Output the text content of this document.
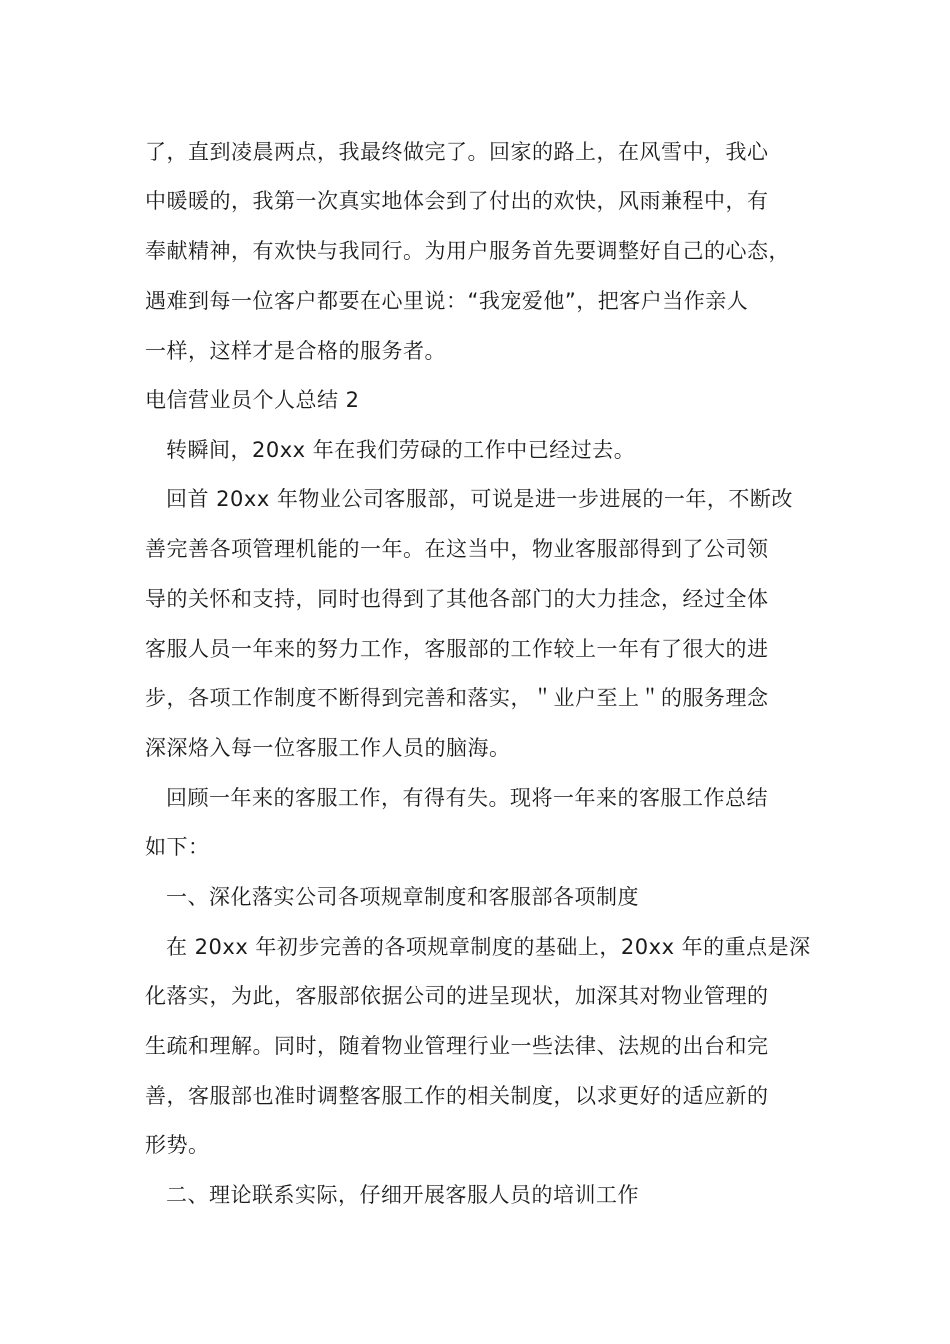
了，直到凌晨两点，我最终做完了。回家的路上，在风雪中，我心
中暖暖的，我第一次真实地体会到了付出的欢快，风雨兼程中，有
奉献精神，有欢快与我同行。为用户服务首先要调整好自己的心态，
遇难到每一位客户都要在心里说：“我宠爱他”，把客户当作亲人
一样，这样才是合格的服务者。
电信营业员个人总结 2
转瞬间，20xx 年在我们劳碌的工作中已经过去。
回首 20xx 年物业公司客服部，可说是进一步进展的一年，不断改
善完善各项管理机能的一年。在这当中，物业客服部得到了公司领
导的关怀和支持，同时也得到了其他各部门的大力挂念，经过全体
客服人员一年来的努力工作，客服部的工作较上一年有了很大的进
步，各项工作制度不断得到完善和落实，＂业户至上＂的服务理念
深深烙入每一位客服工作人员的脑海。
回顾一年来的客服工作，有得有失。现将一年来的客服工作总结
如下：
一、深化落实公司各项规章制度和客服部各项制度
在 20xx 年初步完善的各项规章制度的基础上，20xx 年的重点是深
化落实，为此，客服部依据公司的进呈现状，加深其对物业管理的
生疏和理解。同时，随着物业管理行业一些法律、法规的出台和完
善，客服部也准时调整客服工作的相关制度，以求更好的适应新的
形势。
二、理论联系实际，仔细开展客服人员的培训工作
